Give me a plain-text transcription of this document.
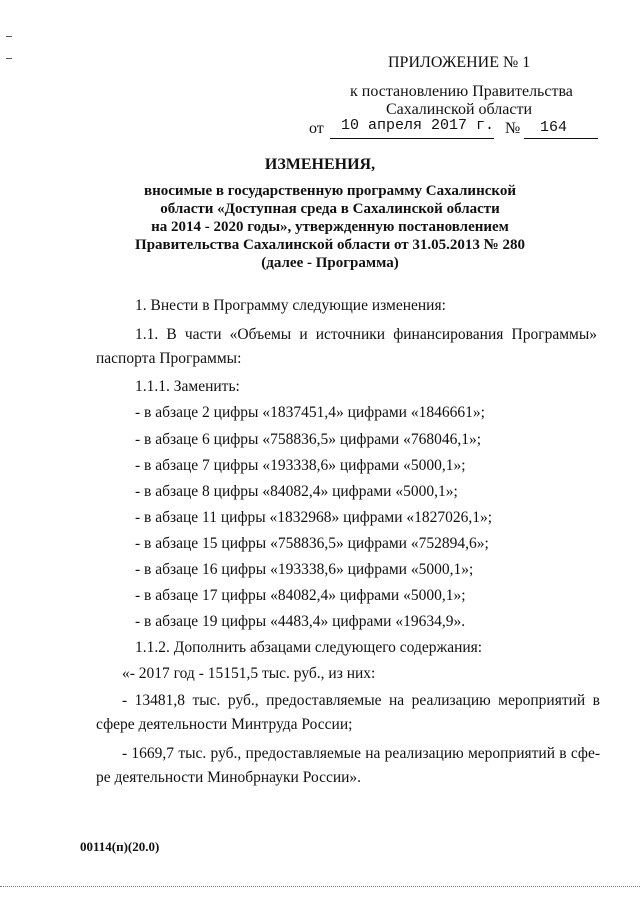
ПРИЛОЖЕНИЕ № 1
к постановлению Правительства
Сахалинской области
от 10 апреля 2017 г. № 164
ИЗМЕНЕНИЯ,
вносимые в государственную программу Сахалинской
области «Доступная среда в Сахалинской области
на 2014 - 2020 годы», утвержденную постановлением
Правительства Сахалинской области от 31.05.2013 № 280
(далее - Программа)
1. Внести в Программу следующие изменения:
1.1. В части «Объемы и источники финансирования Программы»
паспорта Программы:
1.1.1. Заменить:
- в абзаце 2 цифры «1837451,4» цифрами «1846661»;
- в абзаце 6 цифры «758836,5» цифрами «768046,1»;
- в абзаце 7 цифры «193338,6» цифрами «5000,1»;
- в абзаце 8 цифры «84082,4» цифрами «5000,1»;
- в абзаце 11 цифры «1832968» цифрами «1827026,1»;
- в абзаце 15 цифры «758836,5» цифрами «752894,6»;
- в абзаце 16 цифры «193338,6» цифрами «5000,1»;
- в абзаце 17 цифры «84082,4» цифрами «5000,1»;
- в абзаце 19 цифры «4483,4» цифрами «19634,9».
1.1.2. Дополнить абзацами следующего содержания:
«- 2017 год - 15151,5 тыс. руб., из них:
- 13481,8 тыс. руб., предоставляемые на реализацию мероприятий в
сфере деятельности Минтруда России;
- 1669,7 тыс. руб., предоставляемые на реализацию мероприятий в сфе-
ре деятельности Минобрнауки России».
00114(п)(20.0)
